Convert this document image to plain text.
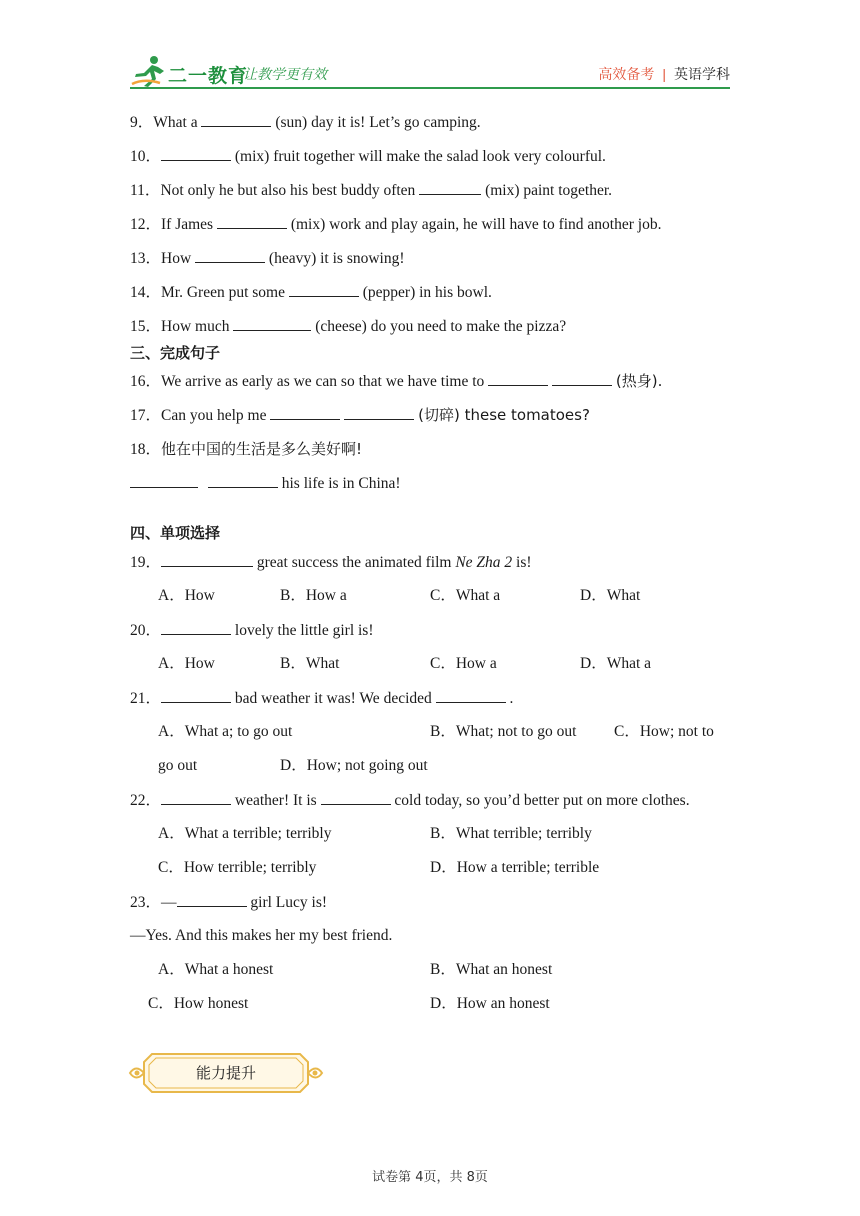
二一教育
让教学更有效	高效备考 | 英语学科
9．What a	(sun) day it is! Let’s go camping.
10．	(mix) fruit together will make the salad look very colourful.
11．Not only he but also his best buddy often	(mix) paint together.
12．If James	(mix) work and play again, he will have to find another job.
13．How	(heavy) it is snowing!
14．Mr. Green put some	(pepper) in his bowl.
15．How much	(cheese) do you need to make the pizza?
三、完成句子
16．We arrive as early as we can so that we have time to	(热身).
17．Can you help me	(切碎) these tomatoes?
18．他在中国的生活是多么美好啊!
his life is in China!
四、单项选择
19．	great success the animated film Ne Zha 2 is!
A．How	B．How a	C．What a	D．What
20．	lovely the little girl is!
A．How	B．What	C．How a	D．What a
21．	bad weather it was! We decided	.
A．What a; to go out	B．What; not to go out C．How; not to
go out	D．How; not going out
22．	weather! It is	cold today, so you’d better put on more clothes.
A．What a terrible; terribly	B．What terrible; terribly
C．How terrible; terribly	D．How a terrible; terrible
23．—	girl Lucy is!
—Yes. And this makes her my best friend.
A．What a honest	B．What an honest
C．How honest	D．How an honest
能力提升
试卷第 4页，共 8页
